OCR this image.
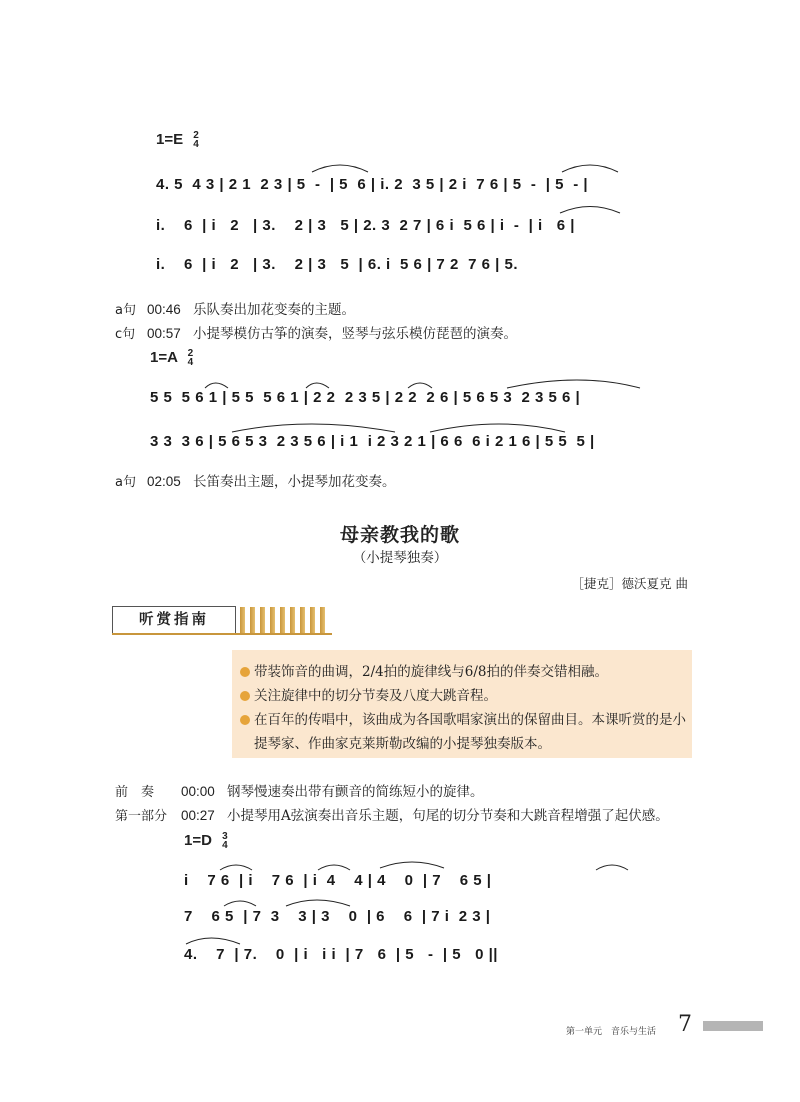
1=E 2
4
4. 5  4 3 | 2 1  2 3 | 5  -  | 5  6 | i. 2  3 5 | 2 i  7 6 | 5  -  | 5  - |
i.    6  | i   2   | 3.    2 | 3   5 | 2. 3  2 7 | 6 i  5 6 | i  -  | i   6 |
i.    6  | i   2   | 3.    2 | 3   5  | 6. i  5 6 | 7 2  7 6 | 5.
a句 00:46 乐队奏出加花变奏的主题。
c句 00:57 小提琴模仿古筝的演奏，竖琴与弦乐模仿琵琶的演奏。
1=A 2
4
5 5  5 6 1 | 5 5  5 6 1 | 2 2  2 3 5 | 2 2  2 6 | 5 6 5 3  2 3 5 6 |
3 3  3 6 | 5 6 5 3  2 3 5 6 | i 1  i 2 3 2 1 | 6 6  6 i 2 1 6 | 5 5  5 |
a句 02:05 长笛奏出主题，小提琴加花变奏。
母亲教我的歌
（小提琴独奏）
［捷克］德沃夏克 曲
听赏指南
带装饰音的曲调，2/4拍的旋律线与6/8拍的伴奏交错相融。
关注旋律中的切分节奏及八度大跳音程。
在百年的传唱中，该曲成为各国歌唱家演出的保留曲目。本课听赏的是小
提琴家、作曲家克莱斯勒改编的小提琴独奏版本。
前　奏 00:00 钢琴慢速奏出带有颤音的简练短小的旋律。
第一部分 00:27 小提琴用A弦演奏出音乐主题，句尾的切分节奏和大跳音程增强了起伏感。
1=D 3
4
i    7 6  | i    7 6  | i  4    4 | 4    0  | 7    6 5 |
7    6 5  | 7  3    3 | 3    0  | 6    6  | 7 i  2 3 |
4.    7  | 7.    0  | i   i i  | 7   6  | 5   -  | 5   0 ||
第一单元　音乐与生活 7
